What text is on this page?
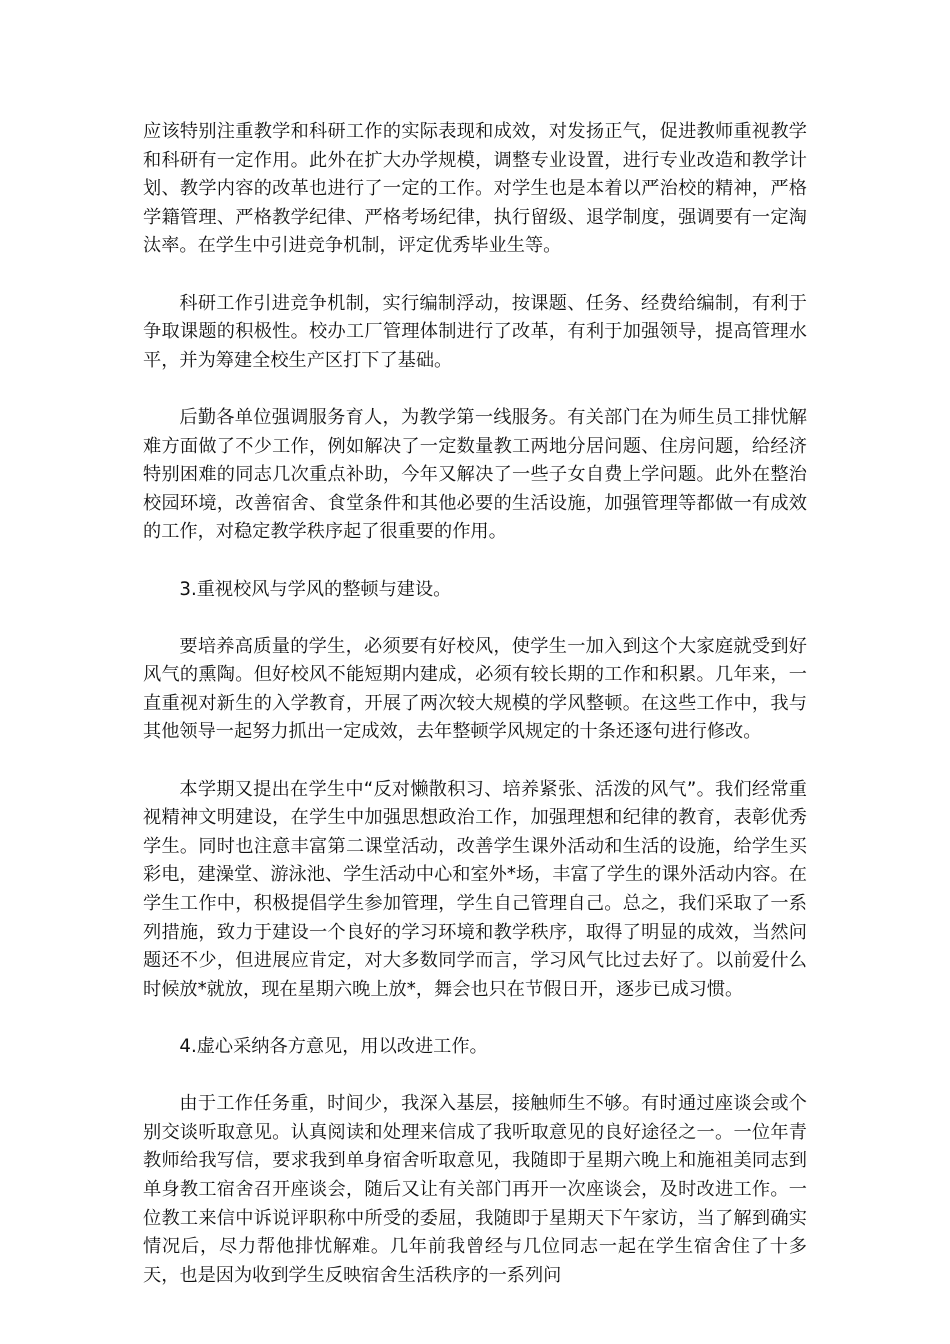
应该特别注重教学和科研工作的实际表现和成效，对发扬正气，促进教师重视教学和科研有一定作用。此外在扩大办学规模，调整专业设置，进行专业改造和教学计划、教学内容的改革也进行了一定的工作。对学生也是本着以严治校的精神，严格学籍管理、严格教学纪律、严格考场纪律，执行留级、退学制度，强调要有一定淘汰率。在学生中引进竞争机制，评定优秀毕业生等。

科研工作引进竞争机制，实行编制浮动，按课题、任务、经费给编制，有利于争取课题的积极性。校办工厂管理体制进行了改革，有利于加强领导，提高管理水平，并为筹建全校生产区打下了基础。

后勤各单位强调服务育人，为教学第一线服务。有关部门在为师生员工排忧解难方面做了不少工作，例如解决了一定数量教工两地分居问题、住房问题，给经济特别困难的同志几次重点补助，今年又解决了一些子女自费上学问题。此外在整治校园环境，改善宿舍、食堂条件和其他必要的生活设施，加强管理等都做一有成效的工作，对稳定教学秩序起了很重要的作用。

3.重视校风与学风的整顿与建设。

要培养高质量的学生，必须要有好校风，使学生一加入到这个大家庭就受到好风气的熏陶。但好校风不能短期内建成，必须有较长期的工作和积累。几年来，一直重视对新生的入学教育，开展了两次较大规模的学风整顿。在这些工作中，我与其他领导一起努力抓出一定成效，去年整顿学风规定的十条还逐句进行修改。

本学期又提出在学生中“反对懒散积习、培养紧张、活泼的风气”。我们经常重视精神文明建设，在学生中加强思想政治工作，加强理想和纪律的教育，表彰优秀学生。同时也注意丰富第二课堂活动，改善学生课外活动和生活的设施，给学生买彩电，建澡堂、游泳池、学生活动中心和室外*场，丰富了学生的课外活动内容。在学生工作中，积极提倡学生参加管理，学生自己管理自己。总之，我们采取了一系列措施，致力于建设一个良好的学习环境和教学秩序，取得了明显的成效，当然问题还不少，但进展应肯定，对大多数同学而言，学习风气比过去好了。以前爱什么时候放*就放，现在星期六晚上放*，舞会也只在节假日开，逐步已成习惯。

4.虚心采纳各方意见，用以改进工作。

由于工作任务重，时间少，我深入基层，接触师生不够。有时通过座谈会或个别交谈听取意见。认真阅读和处理来信成了我听取意见的良好途径之一。一位年青教师给我写信，要求我到单身宿舍听取意见，我随即于星期六晚上和施祖美同志到单身教工宿舍召开座谈会，随后又让有关部门再开一次座谈会，及时改进工作。一位教工来信中诉说评职称中所受的委屈，我随即于星期天下午家访，当了解到确实情况后，尽力帮他排忧解难。几年前我曾经与几位同志一起在学生宿舍住了十多天，也是因为收到学生反映宿舍生活秩序的一系列问
